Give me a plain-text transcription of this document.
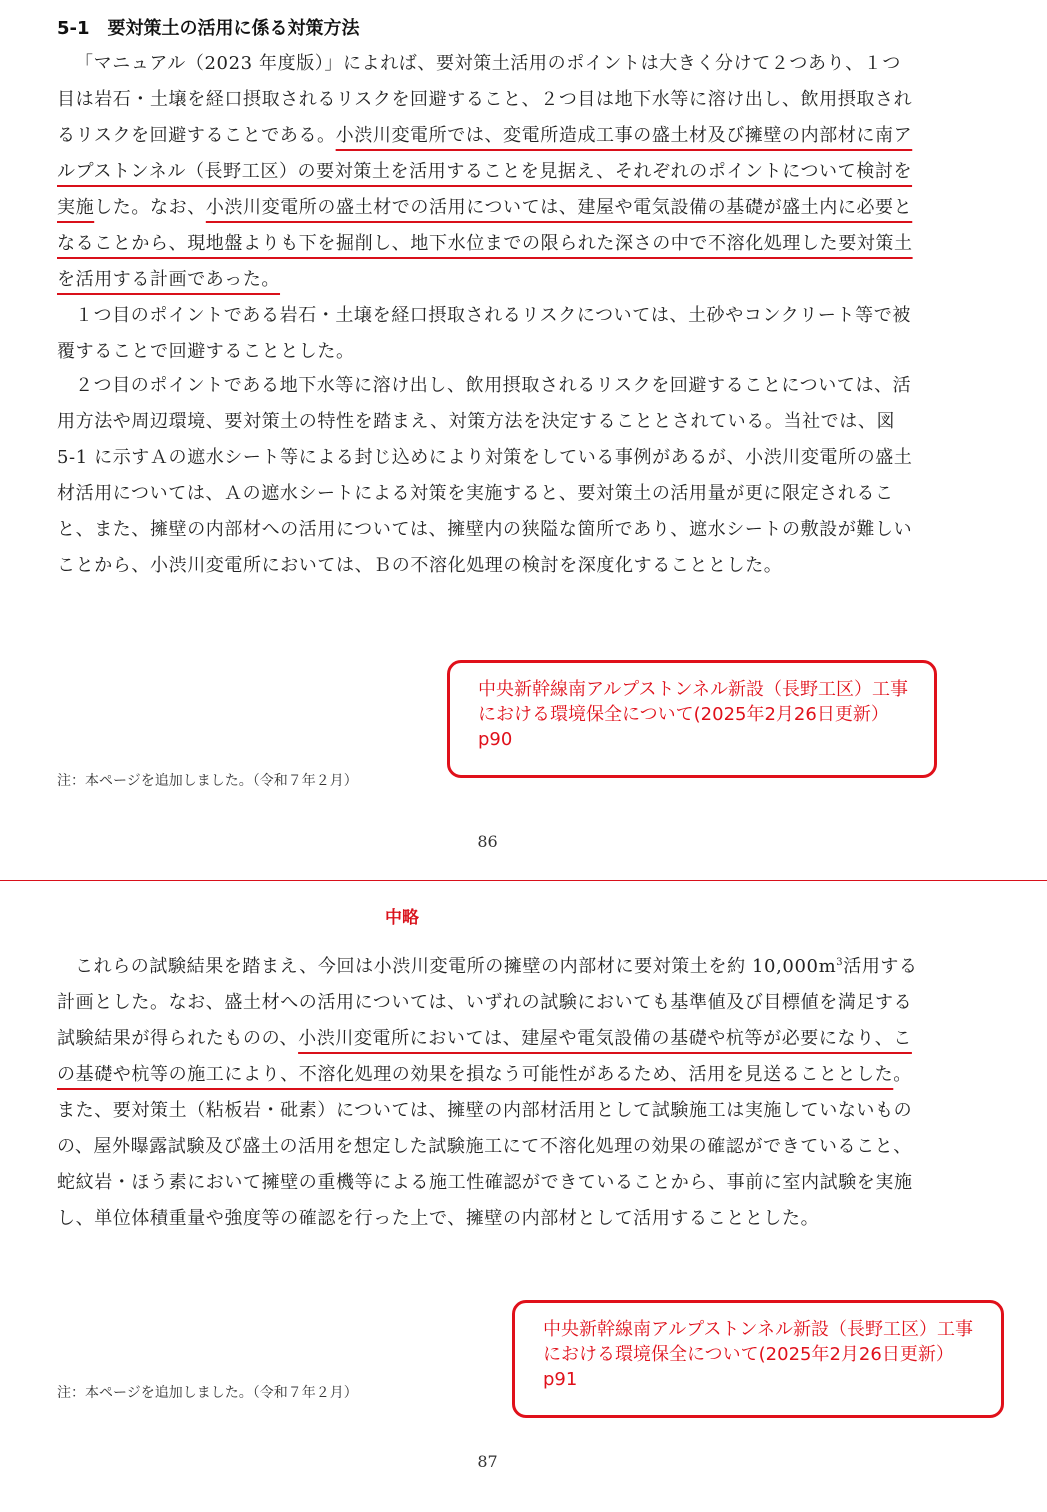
5-1　要対策土の活用に係る対策方法

「マニュアル（2023 年度版）」によれば、要対策土活用のポイントは大きく分けて２つあり、１つ目は岩石・土壌を経口摂取されるリスクを回避すること、２つ目は地下水等に溶け出し、飲用摂取されるリスクを回避することである。小渋川変電所では、変電所造成工事の盛土材及び擁壁の内部材に南アルプストンネル（長野工区）の要対策土を活用することを見据え、それぞれのポイントについて検討を実施した。なお、小渋川変電所の盛土材での活用については、建屋や電気設備の基礎が盛土内に必要となることから、現地盤よりも下を掘削し、地下水位までの限られた深さの中で不溶化処理した要対策土を活用する計画であった。

１つ目のポイントである岩石・土壌を経口摂取されるリスクについては、土砂やコンクリート等で被覆することで回避することとした。

２つ目のポイントである地下水等に溶け出し、飲用摂取されるリスクを回避することについては、活用方法や周辺環境、要対策土の特性を踏まえ、対策方法を決定することとされている。当社では、図 5-1 に示すＡの遮水シート等による封じ込めにより対策をしている事例があるが、小渋川変電所の盛土材活用については、Ａの遮水シートによる対策を実施すると、要対策土の活用量が更に限定されること、また、擁壁の内部材への活用については、擁壁内の狭隘な箇所であり、遮水シートの敷設が難しいことから、小渋川変電所においては、Ｂの不溶化処理の検討を深度化することとした。

中央新幹線南アルプストンネル新設（長野工区）工事における環境保全について(2025年2月26日更新）p90
注：本ページを追加しました。（令和７年２月）
86
中略

これらの試験結果を踏まえ、今回は小渋川変電所の擁壁の内部材に要対策土を約 $10,000m^3$活用する計画とした。なお、盛土材への活用については、いずれの試験においても基準値及び目標値を満足する試験結果が得られたものの、小渋川変電所においては、建屋や電気設備の基礎や杭等が必要になり、この基礎や杭等の施工により、不溶化処理の効果を損なう可能性があるため、活用を見送ることとした。また、要対策土（粘板岩・砒素）については、擁壁の内部材活用として試験施工は実施していないものの、屋外曝露試験及び盛土の活用を想定した試験施工にて不溶化処理の効果の確認ができていること、蛇紋岩・ほう素において擁壁の重機等による施工性確認ができていることから、事前に室内試験を実施し、単位体積重量や強度等の確認を行った上で、擁壁の内部材として活用することとした。

中央新幹線南アルプストンネル新設（長野工区）工事における環境保全について(2025年2月26日更新） p91
注：本ページを追加しました。（令和７年２月）
87
